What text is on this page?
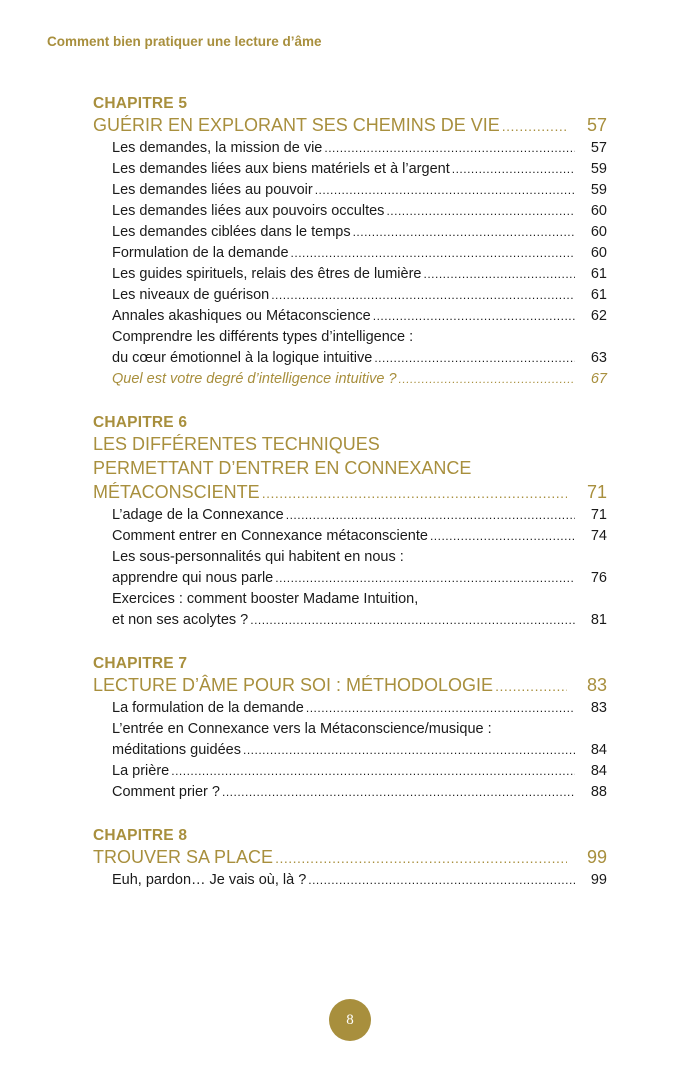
Comment bien pratiquer une lecture d’âme
CHAPITRE 5
GUÉRIR EN EXPLORANT SES CHEMINS DE VIE .....	57
Les demandes, la mission de vie .....	57
Les demandes liées aux biens matériels et à l’argent .....	59
Les demandes liées au pouvoir .....	59
Les demandes liées aux pouvoirs occultes .....	60
Les demandes ciblées dans le temps .....	60
Formulation de la demande .....	60
Les guides spirituels, relais des êtres de lumière .....	61
Les niveaux de guérison .....	61
Annales akashiques ou Métaconscience .....	62
Comprendre les différents types d’intelligence :
du cœur émotionnel à la logique intuitive .....	63
Quel est votre degré d’intelligence intuitive ? .....	67
CHAPITRE 6
LES DIFFÉRENTES TECHNIQUES
PERMETTANT D’ENTRER EN CONNEXANCE
MÉTACONSCIENTE .....	71
L’adage de la Connexance .....	71
Comment entrer en Connexance métaconsciente .....	74
Les sous-personnalités qui habitent en nous :
apprendre qui nous parle .....	76
Exercices : comment booster Madame Intuition,
et non ses acolytes ? .....	81
CHAPITRE 7
LECTURE D’ÂME POUR SOI : MÉTHODOLOGIE .....	83
La formulation de la demande .....	83
L’entrée en Connexance vers la Métaconscience/musique :
méditations guidées .....	84
La prière .....	84
Comment prier ? .....	88
CHAPITRE 8
TROUVER SA PLACE .....	99
Euh, pardon… Je vais où, là ? .....	99
8
